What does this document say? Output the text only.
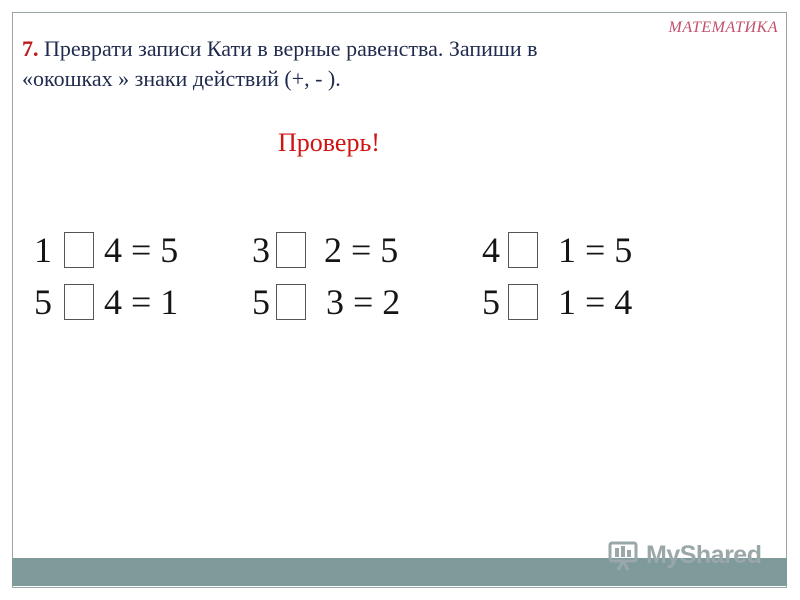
МАТЕМАТИКА
7. Преврати записи Кати в верные равенства. Запиши в
«окошках » знаки действий (+, - ).
Проверь!
1 4 = 5 3 2 = 5 4 1 = 5
5 4 = 1 5 3 = 2 5 1 = 4
MyShared
